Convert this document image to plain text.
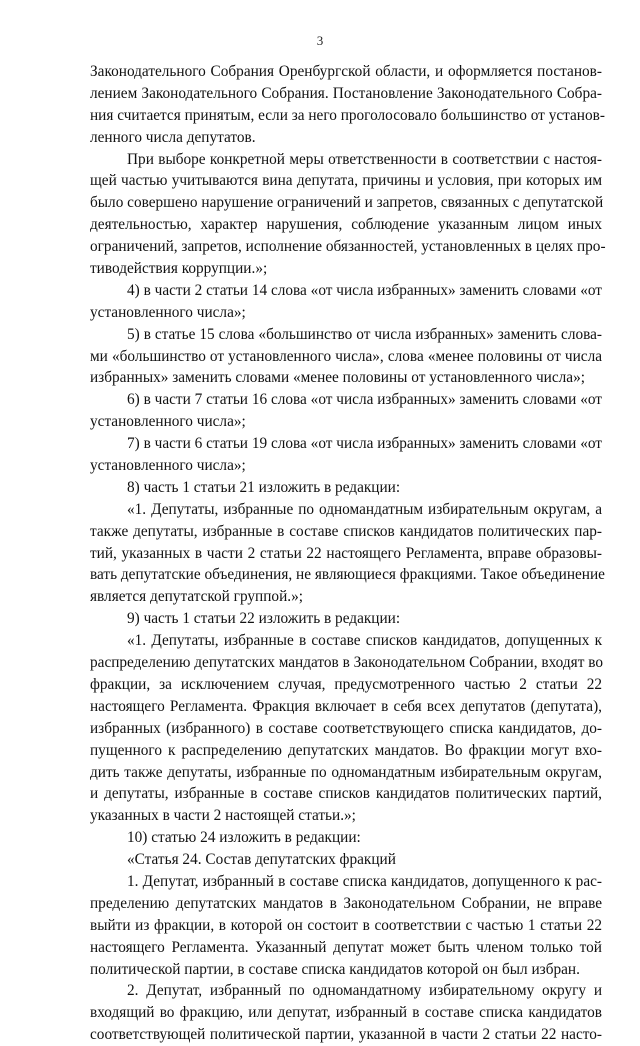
3
Законодательного Собрания Оренбургской области, и оформляется постанов-
лением Законодательного Собрания. Постановление Законодательного Собра-
ния считается принятым, если за него проголосовало большинство от установ-
ленного числа депутатов.
При выборе конкретной меры ответственности в соответствии с настоя-
щей частью учитываются вина депутата, причины и условия, при которых им
было совершено нарушение ограничений и запретов, связанных с депутатской
деятельностью, характер нарушения, соблюдение указанным лицом иных
ограничений, запретов, исполнение обязанностей, установленных в целях про-
тиводействия коррупции.»;
4) в части 2 статьи 14 слова «от числа избранных» заменить словами «от
установленного числа»;
5) в статье 15 слова «большинство от числа избранных» заменить слова-
ми «большинство от установленного числа», слова «менее половины от числа
избранных» заменить словами «менее половины от установленного числа»;
6) в части 7 статьи 16 слова «от числа избранных» заменить словами «от
установленного числа»;
7) в части 6 статьи 19 слова «от числа избранных» заменить словами «от
установленного числа»;
8) часть 1 статьи 21 изложить в редакции:
«1. Депутаты, избранные по одномандатным избирательным округам, а
также депутаты, избранные в составе списков кандидатов политических пар-
тий, указанных в части 2 статьи 22 настоящего Регламента, вправе образовы-
вать депутатские объединения, не являющиеся фракциями. Такое объединение
является депутатской группой.»;
9) часть 1 статьи 22 изложить в редакции:
«1. Депутаты, избранные в составе списков кандидатов, допущенных к
распределению депутатских мандатов в Законодательном Собрании, входят во
фракции, за исключением случая, предусмотренного частью 2 статьи 22
настоящего Регламента. Фракция включает в себя всех депутатов (депутата),
избранных (избранного) в составе соответствующего списка кандидатов, до-
пущенного к распределению депутатских мандатов. Во фракции могут вхо-
дить также депутаты, избранные по одномандатным избирательным округам,
и депутаты, избранные в составе списков кандидатов политических партий,
указанных в части 2 настоящей статьи.»;
10) статью 24 изложить в редакции:
«Статья 24. Состав депутатских фракций
1. Депутат, избранный в составе списка кандидатов, допущенного к рас-
пределению депутатских мандатов в Законодательном Собрании, не вправе
выйти из фракции, в которой он состоит в соответствии с частью 1 статьи 22
настоящего Регламента. Указанный депутат может быть членом только той
политической партии, в составе списка кандидатов которой он был избран.
2. Депутат, избранный по одномандатному избирательному округу и
входящий во фракцию, или депутат, избранный в составе списка кандидатов
соответствующей политической партии, указанной в части 2 статьи 22 насто-
